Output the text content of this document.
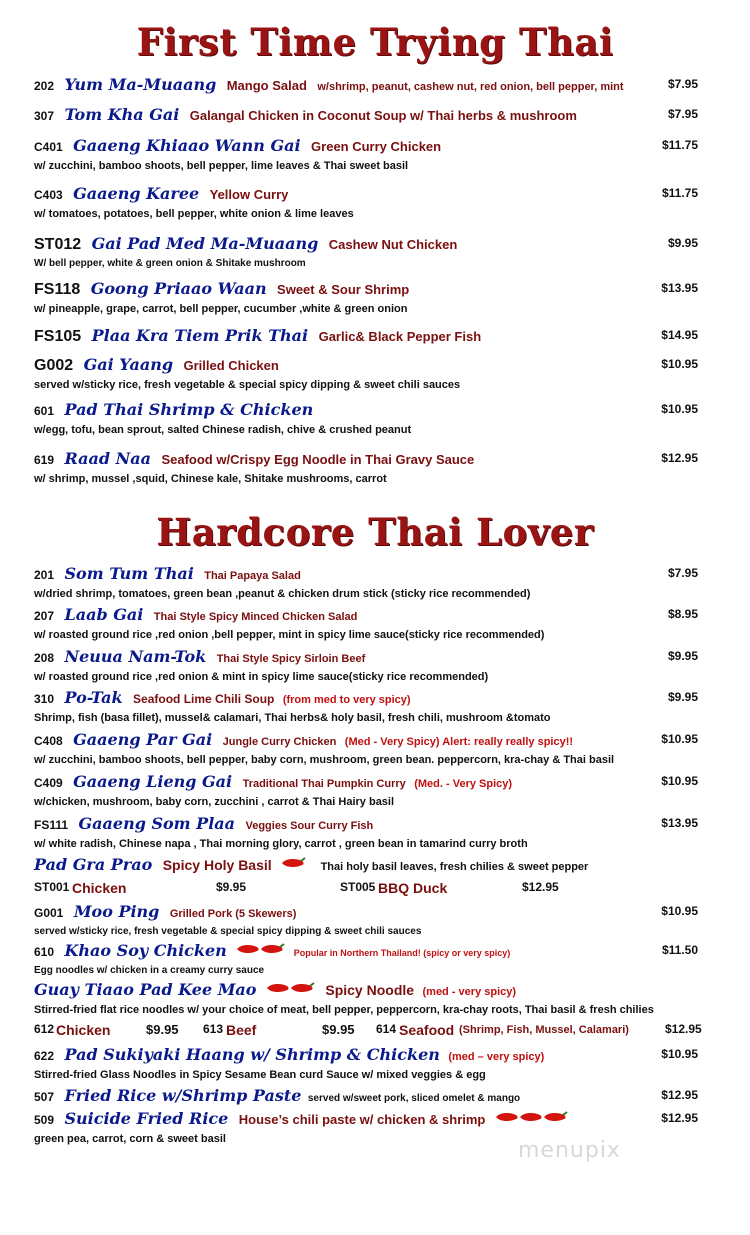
First Time Trying Thai
202 Yum Ma-Muaang Mango Salad w/shrimp, peanut, cashew nut, red onion, bell pepper, mint	$7.95
307 Tom Kha Gai Galangal Chicken in Coconut Soup w/ Thai herbs & mushroom	$7.95
C401 Gaaeng Khiaao Wann Gai Green Curry Chicken	$11.75
w/ zucchini, bamboo shoots, bell pepper, lime leaves & Thai sweet basil
C403 Gaaeng Karee Yellow Curry	$11.75
w/ tomatoes, potatoes, bell pepper, white onion & lime leaves
ST012 Gai Pad Med Ma-Muaang Cashew Nut Chicken	$9.95
W/ bell pepper, white & green onion & Shitake mushroom
FS118 Goong Priaao Waan Sweet & Sour Shrimp	$13.95
w/ pineapple, grape, carrot, bell pepper, cucumber ,white & green onion
FS105 Plaa Kra Tiem Prik Thai Garlic& Black Pepper Fish	$14.95
G002 Gai Yaang Grilled Chicken	$10.95
served w/sticky rice, fresh vegetable & special spicy dipping & sweet chili sauces
601 Pad Thai Shrimp & Chicken	$10.95
w/egg, tofu, bean sprout, salted Chinese radish, chive & crushed peanut
619 Raad Naa Seafood w/Crispy Egg Noodle in Thai Gravy Sauce	$12.95
w/ shrimp, mussel ,squid, Chinese kale, Shitake mushrooms, carrot
Hardcore Thai Lover
201 Som Tum Thai Thai Papaya Salad	$7.95
w/dried shrimp, tomatoes, green bean ,peanut & chicken drum stick (sticky rice recommended)
207 Laab Gai Thai Style Spicy Minced Chicken Salad	$8.95
w/ roasted ground rice ,red onion ,bell pepper, mint in spicy lime sauce(sticky rice recommended)
208 Neuua Nam-Tok Thai Style Spicy Sirloin Beef	$9.95
w/ roasted ground rice ,red onion & mint in spicy lime sauce(sticky rice recommended)
310 Po-Tak Seafood Lime Chili Soup (from med to very spicy)	$9.95
Shrimp, fish (basa fillet), mussel& calamari, Thai herbs& holy basil, fresh chili, mushroom &tomato
C408 Gaaeng Par Gai Jungle Curry Chicken (Med - Very Spicy) Alert: really really spicy!!	$10.95
w/ zucchini, bamboo shoots, bell pepper, baby corn, mushroom, green bean. peppercorn, kra-chay & Thai basil
C409 Gaaeng Lieng Gai Traditional Thai Pumpkin Curry (Med. - Very Spicy)	$10.95
w/chicken, mushroom, baby corn, zucchini , carrot & Thai Hairy basil
FS111 Gaaeng Som Plaa Veggies Sour Curry Fish	$13.95
w/ white radish, Chinese napa , Thai morning glory, carrot , green bean in tamarind curry broth
Pad Gra Prao Spicy Holy Basil	Thai holy basil leaves, fresh chilies & sweet pepper
ST001 Chicken	$9.95	ST005 BBQ Duck	$12.95
G001 Moo Ping Grilled Pork (5 Skewers)	$10.95
served w/sticky rice, fresh vegetable & special spicy dipping & sweet chili sauces
610 Khao Soy Chicken	Popular in Northern Thailand! (spicy or very spicy)	$11.50
Egg noodles w/ chicken in a creamy curry sauce
Guay Tiaao Pad Kee Mao	Spicy Noodle (med - very spicy)
Stirred-fried flat rice noodles w/ your choice of meat, bell pepper, peppercorn, kra-chay roots, Thai basil & fresh chilies
612 Chicken	$9.95 613 Beef	$9.95 614 Seafood (Shrimp, Fish, Mussel, Calamari)	$12.95
622 Pad Sukiyaki Haang w/ Shrimp & Chicken (med – very spicy)	$10.95
Stirred-fried Glass Noodles in Spicy Sesame Bean curd Sauce w/ mixed veggies & egg
507 Fried Rice w/Shrimp Paste served w/sweet pork, sliced omelet & mango	$12.95
509 Suicide Fried Rice House’s chili paste w/ chicken & shrimp	$12.95
green pea, carrot, corn & sweet basil	menupix
